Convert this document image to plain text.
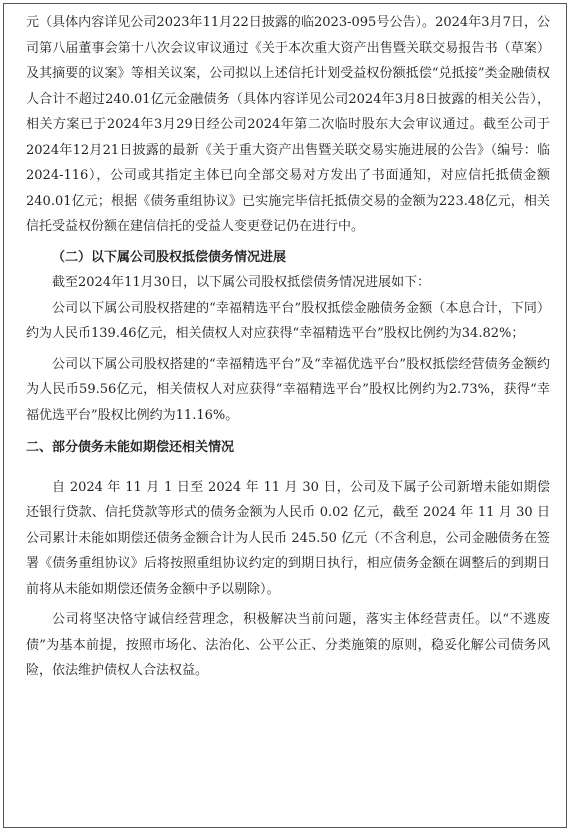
元（具体内容详见公司2023年11月22日披露的临2023-095号公告）。2024年3月7日，公司第八届董事会第十八次会议审议通过《关于本次重大资产出售暨关联交易报告书（草案）及其摘要的议案》等相关议案，公司拟以上述信托计划受益权份额抵偿“兑抵接”类金融债权人合计不超过240.01亿元金融债务（具体内容详见公司2024年3月8日披露的相关公告），相关方案已于2024年3月29日经公司2024年第二次临时股东大会审议通过。截至公司于2024年12月21日披露的最新《关于重大资产出售暨关联交易实施进展的公告》（编号：临2024-116），公司或其指定主体已向全部交易对方发出了书面通知，对应信托抵债金额240.01亿元；根据《债务重组协议》已实施完毕信托抵债交易的金额为223.48亿元，相关信托受益权份额在建信信托的受益人变更登记仍在进行中。

（二）以下属公司股权抵偿债务情况进展

截至2024年11月30日，以下属公司股权抵偿债务情况进展如下：

公司以下属公司股权搭建的“幸福精选平台”股权抵偿金融债务金额（本息合计，下同）约为人民币139.46亿元，相关债权人对应获得“幸福精选平台”股权比例约为34.82%；

公司以下属公司股权搭建的“幸福精选平台”及“幸福优选平台”股权抵偿经营债务金额约为人民币59.56亿元，相关债权人对应获得“幸福精选平台”股权比例约为2.73%，获得“幸福优选平台”股权比例约为11.16%。

二、部分债务未能如期偿还相关情况

自 2024 年 11 月 1 日至 2024 年 11 月 30 日，公司及下属子公司新增未能如期偿还银行贷款、信托贷款等形式的债务金额为人民币 0.02 亿元，截至 2024 年 11 月 30 日公司累计未能如期偿还债务金额合计为人民币 245.50 亿元（不含利息，公司金融债务在签署《债务重组协议》后将按照重组协议约定的到期日执行，相应债务金额在调整后的到期日前将从未能如期偿还债务金额中予以剔除）。

公司将坚决恪守诚信经营理念，积极解决当前问题，落实主体经营责任。以“不逃废债”为基本前提，按照市场化、法治化、公平公正、分类施策的原则，稳妥化解公司债务风险，依法维护债权人合法权益。
